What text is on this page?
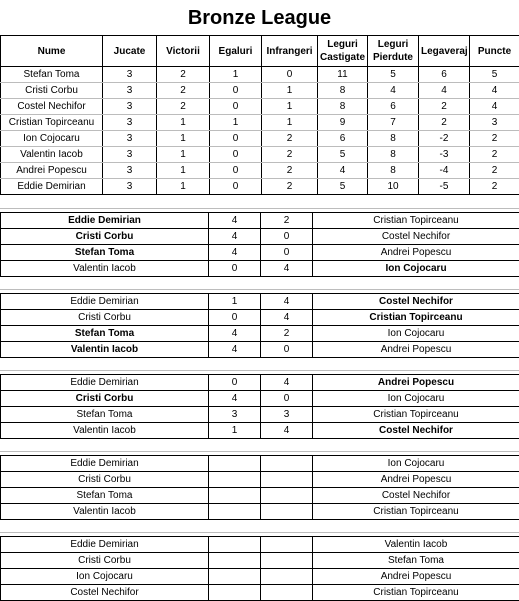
Bronze League
Nume	Jucate	Victorii	Egaluri	Infrangeri	Leguri Castigate	Leguri Pierdute	Legaveraj	Puncte
Stefan Toma	3	2	1	0	11	5	6	5
Cristi Corbu	3	2	0	1	8	4	4	4
Costel Nechifor	3	2	0	1	8	6	2	4
Cristian Topirceanu	3	1	1	1	9	7	2	3
Ion Cojocaru	3	1	0	2	6	8	-2	2
Valentin Iacob	3	1	0	2	5	8	-3	2
Andrei Popescu	3	1	0	2	4	8	-4	2
Eddie Demirian	3	1	0	2	5	10	-5	2
Eddie Demirian	4	2	Cristian Topirceanu
Cristi Corbu	4	0	Costel Nechifor
Stefan Toma	4	0	Andrei Popescu
Valentin Iacob	0	4	Ion Cojocaru
Eddie Demirian	1	4	Costel Nechifor
Cristi Corbu	0	4	Cristian Topirceanu
Stefan Toma	4	2	Ion Cojocaru
Valentin Iacob	4	0	Andrei Popescu
Eddie Demirian	0	4	Andrei Popescu
Cristi Corbu	4	0	Ion Cojocaru
Stefan Toma	3	3	Cristian Topirceanu
Valentin Iacob	1	4	Costel Nechifor
Eddie Demirian			Ion Cojocaru
Cristi Corbu			Andrei Popescu
Stefan Toma			Costel Nechifor
Valentin Iacob			Cristian Topirceanu
Eddie Demirian			Valentin Iacob
Cristi Corbu			Stefan Toma
Ion Cojocaru			Andrei Popescu
Costel Nechifor			Cristian Topirceanu
